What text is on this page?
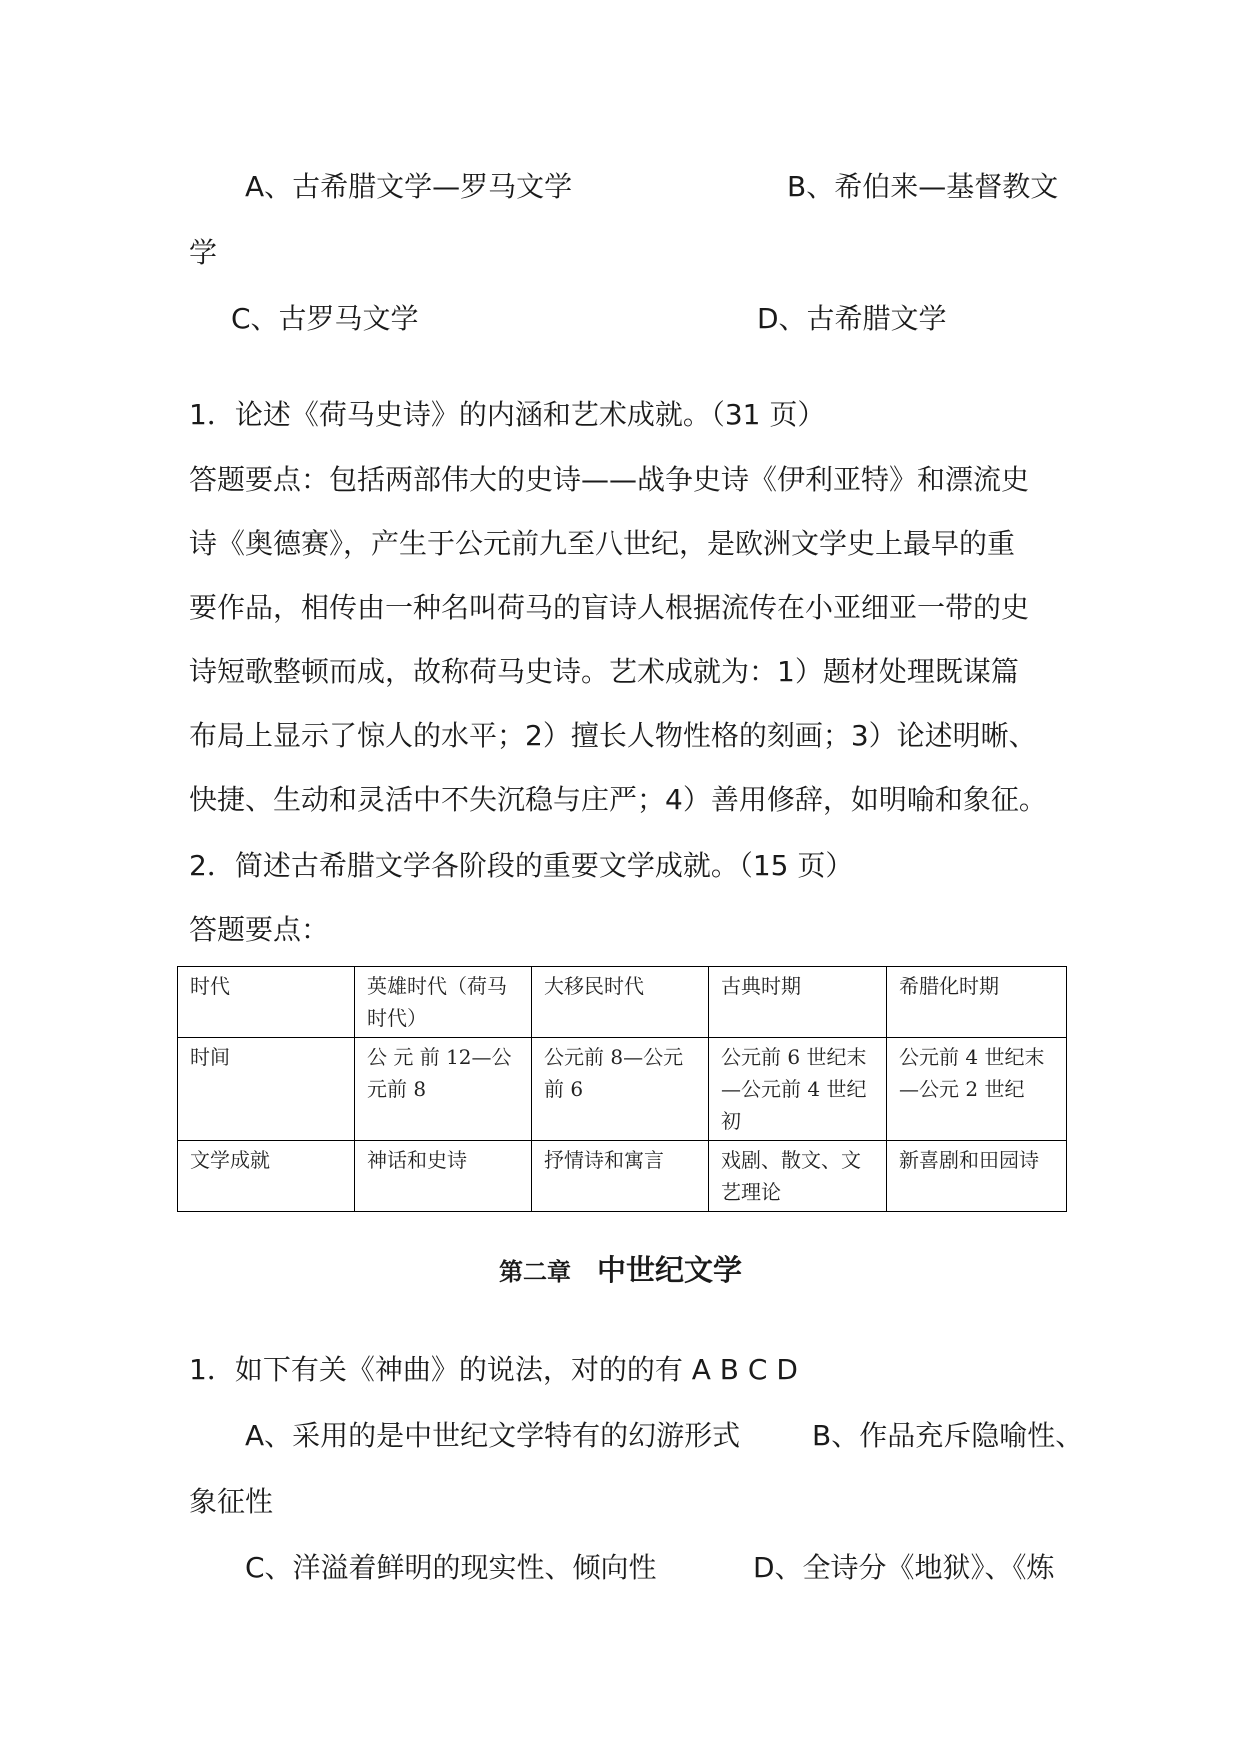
A、古希腊文学—罗马文学	B、希伯来—基督教文
学
C、古罗马文学	D、古希腊文学
1．论述《荷马史诗》的内涵和艺术成就。（31 页）
答题要点：包括两部伟大的史诗——战争史诗《伊利亚特》和漂流史
诗《奥德赛》，产生于公元前九至八世纪，是欧洲文学史上最早的重
要作品，相传由一种名叫荷马的盲诗人根据流传在小亚细亚一带的史
诗短歌整顿而成，故称荷马史诗。艺术成就为：1）题材处理既谋篇
布局上显示了惊人的水平；2）擅长人物性格的刻画；3）论述明晰、
快捷、生动和灵活中不失沉稳与庄严；4）善用修辞，如明喻和象征。
2．简述古希腊文学各阶段的重要文学成就。（15 页）
答题要点：
时代	英雄时代（荷马时代）	大移民时代	古典时期	希腊化时期
时间	公 元 前 12—公元前 8	公元前 8—公元前 6	公元前 6 世纪末—公元前 4 世纪初	公元前 4 世纪末—公元 2 世纪
文学成就	神话和史诗	抒情诗和寓言	戏剧、散文、文艺理论	新喜剧和田园诗
第二章 中世纪文学
1．如下有关《神曲》的说法，对的的有 A B C D
A、采用的是中世纪文学特有的幻游形式	B、作品充斥隐喻性、
象征性
C、洋溢着鲜明的现实性、倾向性	D、全诗分《地狱》、《炼
